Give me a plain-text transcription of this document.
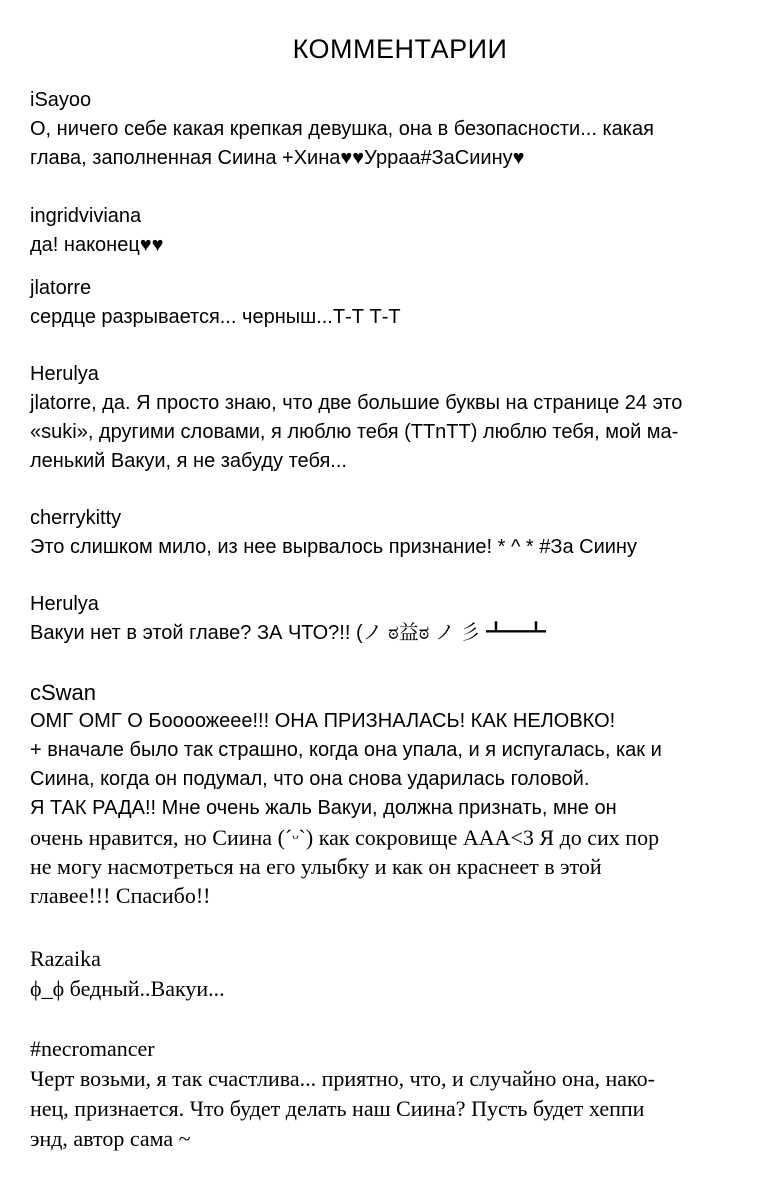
КОММЕНТАРИИ
iSayoo
О, ничего себе какая крепкая девушка, она в безопасности... какая
глава, заполненная Сиина +Хина♥♥Урраа#ЗаСиину♥
ingridviviana
да! наконец♥♥
jlatorre
сердце разрывается... черныш...Т-Т Т-Т
Herulya
jlatorre, да. Я просто знаю, что две большие буквы на странице 24 это
«suki», другими словами, я люблю тебя (TTnTT) люблю тебя, мой ма-
ленький Вакуи, я не забуду тебя...
cherrykitty
Это слишком мило, из нее вырвалось признание! * ^ * #За Сиину
Herulya
Вакуи нет в этой главе? ЗА ЧТО?!! (ノ ಠ益ಠ ノ 彡 ┻━┻
cSwan
ОМГ ОМГ О Боооожеее!!! ОНА ПРИЗНАЛАСЬ! КАК НЕЛОВКО!
+ вначале было так страшно, когда она упала, и я испугалась, как и
Сиина, когда он подумал, что она снова ударилась головой.
Я ТАК РАДА!! Мне очень жаль Вакуи, должна признать, мне он
очень нравится, но Сиина (´ᵕ`) как сокровище ААА<3 Я до сих пор
не могу насмотреться на его улыбку и как он краснеет в этой
главее!!! Спасибо!!
Razaika
ϕ_ϕ бедный..Вакуи...
#necromancer
Черт возьми, я так счастлива... приятно, что, и случайно она, нако-
нец, признается. Что будет делать наш Сиина? Пусть будет хеппи
энд, автор сама ~
